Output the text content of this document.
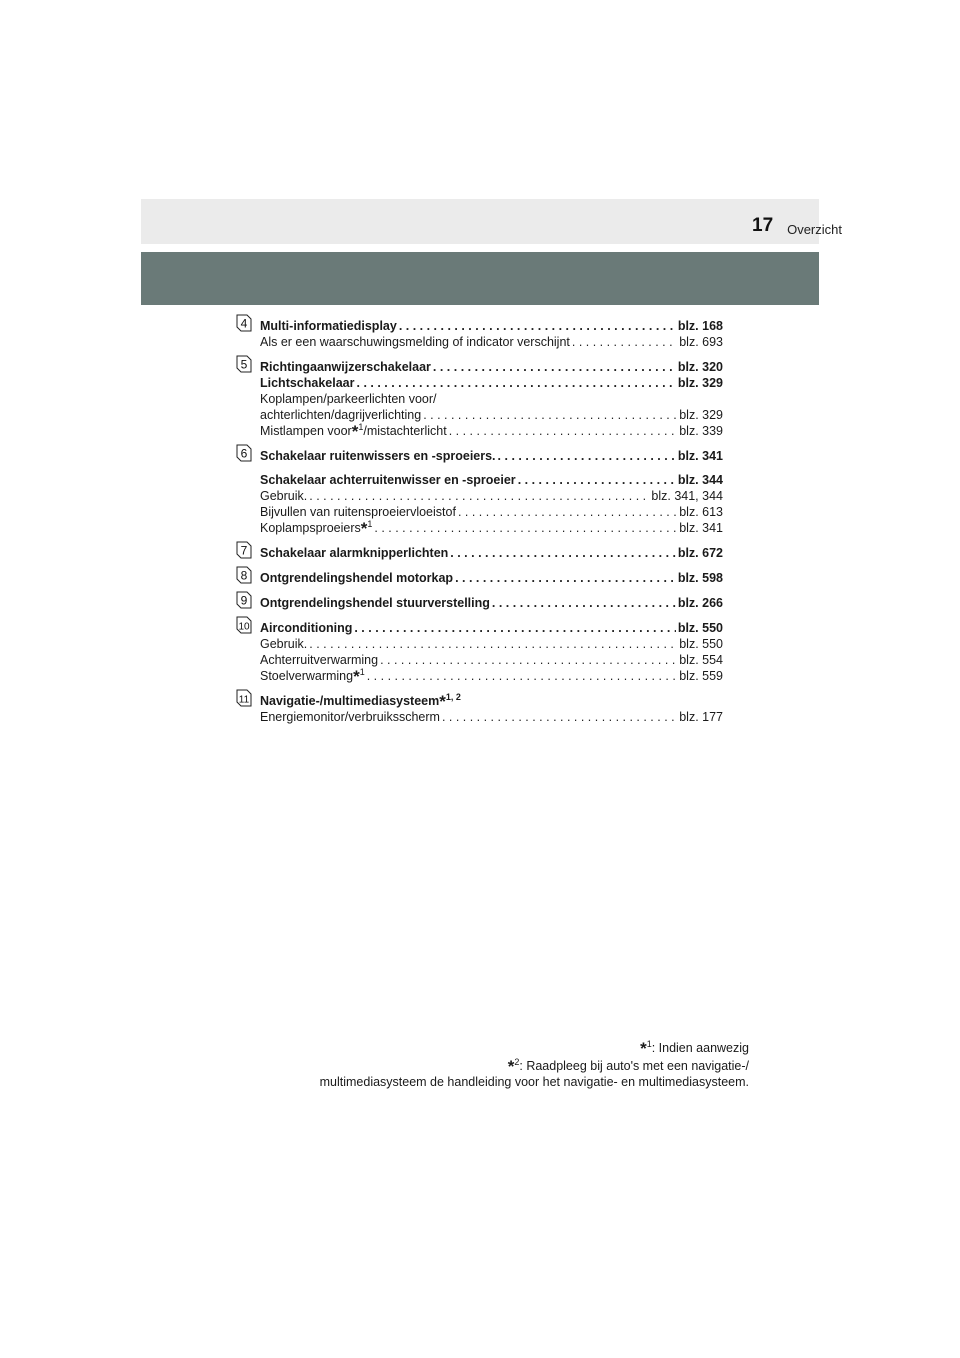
Overzicht
17
4 Multi-informatiedisplay . . .	blz. 168
Als er een waarschuwingsmelding of indicator verschijnt . . .	blz. 693
5 Richtingaanwijzerschakelaar . . .	blz. 320
Lichtschakelaar . . .	blz. 329
Koplampen/parkeerlichten voor/
achterlichten/dagrijverlichting . . .	blz. 329
Mistlampen voor*$^1$/mistachterlicht . . .	blz. 339
6 Schakelaar ruitenwissers en -sproeiers. . . .	blz. 341
Schakelaar achterruitenwisser en -sproeier . . .	blz. 344
Gebruik. . . .	blz. 341, 344
Bijvullen van ruitensproeiervloeistof . . .	blz. 613
Koplampsproeiers*$^1$ . . .	blz. 341
7 Schakelaar alarmknipperlichten . . .	blz. 672
8 Ontgrendelingshendel motorkap . . .	blz. 598
9 Ontgrendelingshendel stuurverstelling . . .	blz. 266
10 Airconditioning . . .	blz. 550
Gebruik. . . .	blz. 550
Achterruitverwarming . . .	blz. 554
Stoelverwarming*$^1$ . . .	blz. 559
11 Navigatie-/multimediasysteem*$^{1, 2}$
Energiemonitor/verbruiksscherm . . .	blz. 177

*$^1$: Indien aanwezig

*$^2$: Raadpleeg bij auto's met een navigatie-/

multimediasysteem de handleiding voor het navigatie- en multimediasysteem.
